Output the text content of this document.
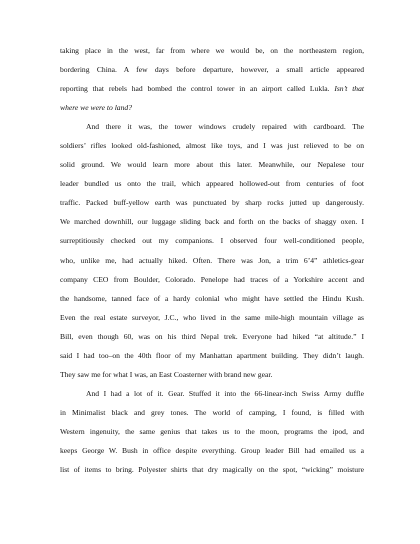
taking place in the west, far from where we would be, on the northeastern region,
bordering China. A few days before departure, however, a small article appeared
reporting that rebels had bombed the control tower in an airport called Lukla. Isn’t that
where we were to land?
And there it was, the tower windows crudely repaired with cardboard. The
soldiers’ rifles looked old-fashioned, almost like toys, and I was just relieved to be on
solid ground. We would learn more about this later. Meanwhile, our Nepalese tour
leader bundled us onto the trail, which appeared hollowed-out from centuries of foot
traffic. Packed buff-yellow earth was punctuated by sharp rocks jutted up dangerously.
We marched downhill, our luggage sliding back and forth on the backs of shaggy oxen. I
surreptitiously checked out my companions. I observed four well-conditioned people,
who, unlike me, had actually hiked. Often. There was Jon, a trim 6’4” athletics-gear
company CEO from Boulder, Colorado. Penelope had traces of a Yorkshire accent and
the handsome, tanned face of a hardy colonial who might have settled the Hindu Kush.
Even the real estate surveyor, J.C., who lived in the same mile-high mountain village as
Bill, even though 60, was on his third Nepal trek. Everyone had hiked “at altitude.” I
said I had too–on the 40th floor of my Manhattan apartment building. They didn’t laugh.
They saw me for what I was, an East Coasterner with brand new gear.
And I had a lot of it. Gear. Stuffed it into the 66-linear-inch Swiss Army duffle
in Minimalist black and grey tones. The world of camping, I found, is filled with
Western ingenuity, the same genius that takes us to the moon, programs the ipod, and
keeps George W. Bush in office despite everything. Group leader Bill had emailed us a
list of items to bring. Polyester shirts that dry magically on the spot, “wicking” moisture
